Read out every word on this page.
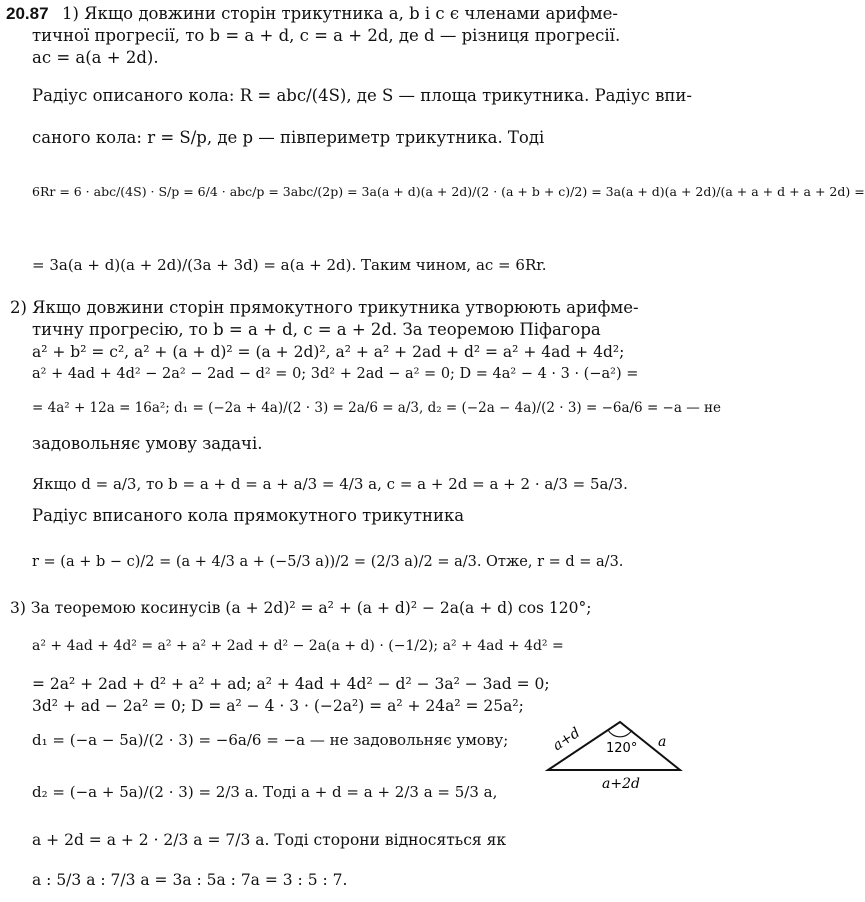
20.87 1) Якщо довжини сторін трикутника a, b і c є членами арифме-
тичної прогресії, то b = a + d, c = a + 2d, де d — різниця прогресії.
ac = a(a + 2d).
Радіус описаного кола: R = abc/(4S), де S — площа трикутника. Радіус впи-
саного кола: r = S/p, де p — півпериметр трикутника. Тоді
6Rr = 6 · abc/(4S) · S/p = 6/4 · abc/p = 3abc/(2p) = 3a(a + d)(a + 2d)/(2 · (a + b + c)/2) = 3a(a + d)(a + 2d)/(a + a + d + a + 2d) =
= 3a(a + d)(a + 2d)/(3a + 3d) = a(a + 2d). Таким чином, ac = 6Rr.
2) Якщо довжини сторін прямокутного трикутника утворюють арифме-
тичну прогресію, то b = a + d, c = a + 2d. За теоремою Піфагора
a² + b² = c², a² + (a + d)² = (a + 2d)², a² + a² + 2ad + d² = a² + 4ad + 4d²;
a² + 4ad + 4d² − 2a² − 2ad − d² = 0; 3d² + 2ad − a² = 0; D = 4a² − 4 · 3 · (−a²) =
= 4a² + 12a = 16a²; d₁ = (−2a + 4a)/(2 · 3) = 2a/6 = a/3, d₂ = (−2a − 4a)/(2 · 3) = −6a/6 = −a — не
задовольняє умову задачі.
Якщо d = a/3, то b = a + d = a + a/3 = 4/3 a, c = a + 2d = a + 2 · a/3 = 5a/3.
Радіус вписаного кола прямокутного трикутника
r = (a + b − c)/2 = (a + 4/3 a + (−5/3 a))/2 = (2/3 a)/2 = a/3. Отже, r = d = a/3.
3) За теоремою косинусів (a + 2d)² = a² + (a + d)² − 2a(a + d) cos 120°;
a² + 4ad + 4d² = a² + a² + 2ad + d² − 2a(a + d) · (−1/2); a² + 4ad + 4d² =
= 2a² + 2ad + d² + a² + ad; a² + 4ad + 4d² − d² − 3a² − 3ad = 0;
3d² + ad − 2a² = 0; D = a² − 4 · 3 · (−2a²) = a² + 24a² = 25a²;
d₁ = (−a − 5a)/(2 · 3) = −6a/6 = −a — не задовольняє умову;
d₂ = (−a + 5a)/(2 · 3) = 2/3 a. Тоді a + d = a + 2/3 a = 5/3 a,
a + 2d = a + 2 · 2/3 a = 7/3 a. Тоді сторони відносяться як
a : 5/3 a : 7/3 a = 3a : 5a : 7a = 3 : 5 : 7.
a+d	a
a+2d
120°
